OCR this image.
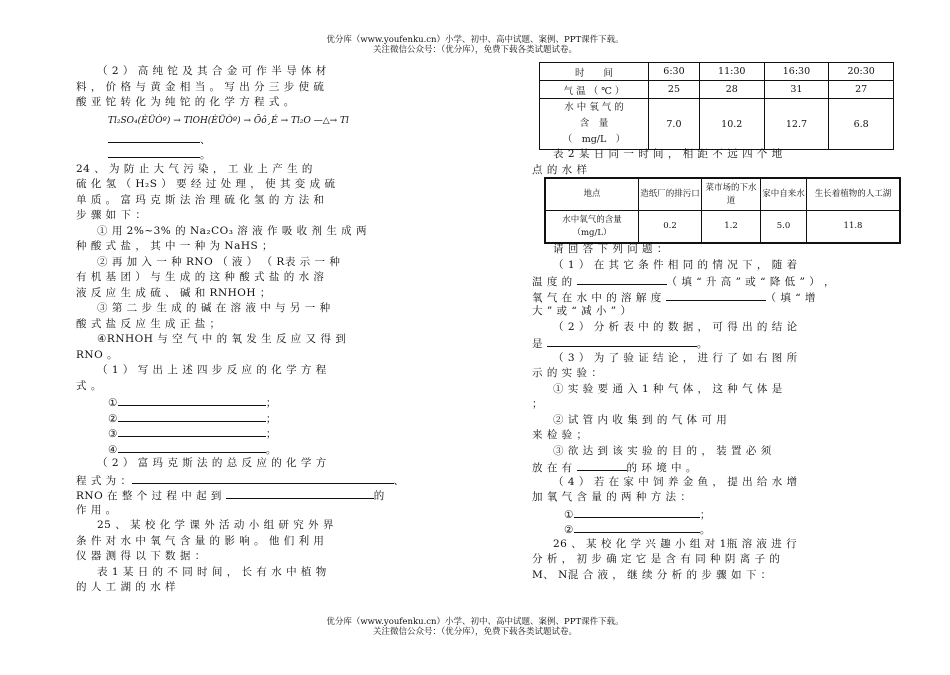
优分库（www.youfenku.cn）小学、初中、高中试题、案例、PPT课件下载。
关注微信公众号：（优分库），免费下载各类试题试卷。
（ 2 ） 高 纯 铊 及 其 合 金 可 作 半 导 体 材
料 ， 价 格 与 黄 金 相 当 。 写 出 分 三 步 使 硫
酸 亚 铊 转 化 为 纯 铊 的 化 学 方 程 式 。
Tl₂SO₄(ÈÜÒº) → TlOH(ÈÜÒº) → Õô¸É → Tl₂O —△→ Tl
、
。
24 、 为 防 止 大 气 污 染 ， 工 业 上 产 生 的
硫 化 氢 （ H₂S ） 要 经 过 处 理 ， 使 其 变 成 硫
单 质 。 富 玛 克 斯 法 治 理 硫 化 氢 的 方 法 和
步 骤 如 下 ：
① 用 2%~3% 的 Na₂CO₃ 溶 液 作 吸 收 剂 生 成 两
种 酸 式 盐 ， 其 中 一 种 为 NaHS ；
② 再 加 入 一 种 RNO （ 液 ） （ R表 示 一 种
有 机 基 团 ） 与 生 成 的 这 种 酸 式 盐 的 水 溶
液 反 应 生 成 硫 、 碱 和 RNHOH ；
③ 第 二 步 生 成 的 碱 在 溶 液 中 与 另 一 种
酸 式 盐 反 应 生 成 正 盐 ；
④RNHOH 与 空 气 中 的 氧 发 生 反 应 又 得 到
RNO 。
（ 1 ） 写 出 上 述 四 步 反 应 的 化 学 方 程
式 。
①	；
②	；
③	；
④	。
（ 2 ） 富 玛 克 斯 法 的 总 反 应 的 化 学 方
程 式 为 ：	、
RNO 在 整 个 过 程 中 起 到	的
作 用 。
25 、 某 校 化 学 课 外 活 动 小 组 研 究 外 界
条 件 对 水 中 氧 气 含 量 的 影 响 。 他 们 利 用
仪 器 测 得 以 下 数 据 ：
表 1 某 日 的 不 同 时 间 ， 长 有 水 中 植 物
的 人 工 湖 的 水 样
时　　间	6:30	11:30	16:30	20:30
气 温 （ ℃ ）	25	28	31	27

水 中 氧 气 的
含　量
（　mg/L　）	7.0	10.2	12.7	6.8
表 2 某 日 同 一 时 间 ， 相 距 不 远 四 个 地
点 的 水 样
地点	造纸厂的排污口	菜市场的下水道	家中自来水	生长着植物的人工湖
水中氧气的含量（mg/L）	0.2	1.2	5.0	11.8
请 回 答 下 列 问 题 ：
（ 1 ） 在 其 它 条 件 相 同 的 情 况 下 ， 随 着
温 度 的	（ 填 “ 升 高 ” 或 “ 降 低 ” ） ，
氧 气 在 水 中 的 溶 解 度	（ 填 “ 增
大 ” 或 “ 减 小 ” ）
（ 2 ） 分 析 表 中 的 数 据 ， 可 得 出 的 结 论
是	。
（ 3 ） 为 了 验 证 结 论 ， 进 行 了 如 右 图 所
示 的 实 验 ：
① 实 验 要 通 入 1 种 气 体 ， 这 种 气 体 是
；
② 试 管 内 收 集 到 的 气 体 可 用
来 检 验 ；
③ 欲 达 到 该 实 验 的 目 的 ， 装 置 必 须
放 在 有	的 环 境 中 。
（ 4 ） 若 在 家 中 饲 养 金 鱼 ， 提 出 给 水 增
加 氧 气 含 量 的 两 种 方 法 ：
①	；
②	。
26 、 某 校 化 学 兴 趣 小 组 对 1瓶 溶 液 进 行
分 析 ， 初 步 确 定 它 是 含 有 同 种 阴 离 子 的
M、 N混 合 液 ， 继 续 分 析 的 步 骤 如 下 ：
优分库（www.youfenku.cn）小学、初中、高中试题、案例、PPT课件下载。
关注微信公众号：（优分库），免费下载各类试题试卷。
